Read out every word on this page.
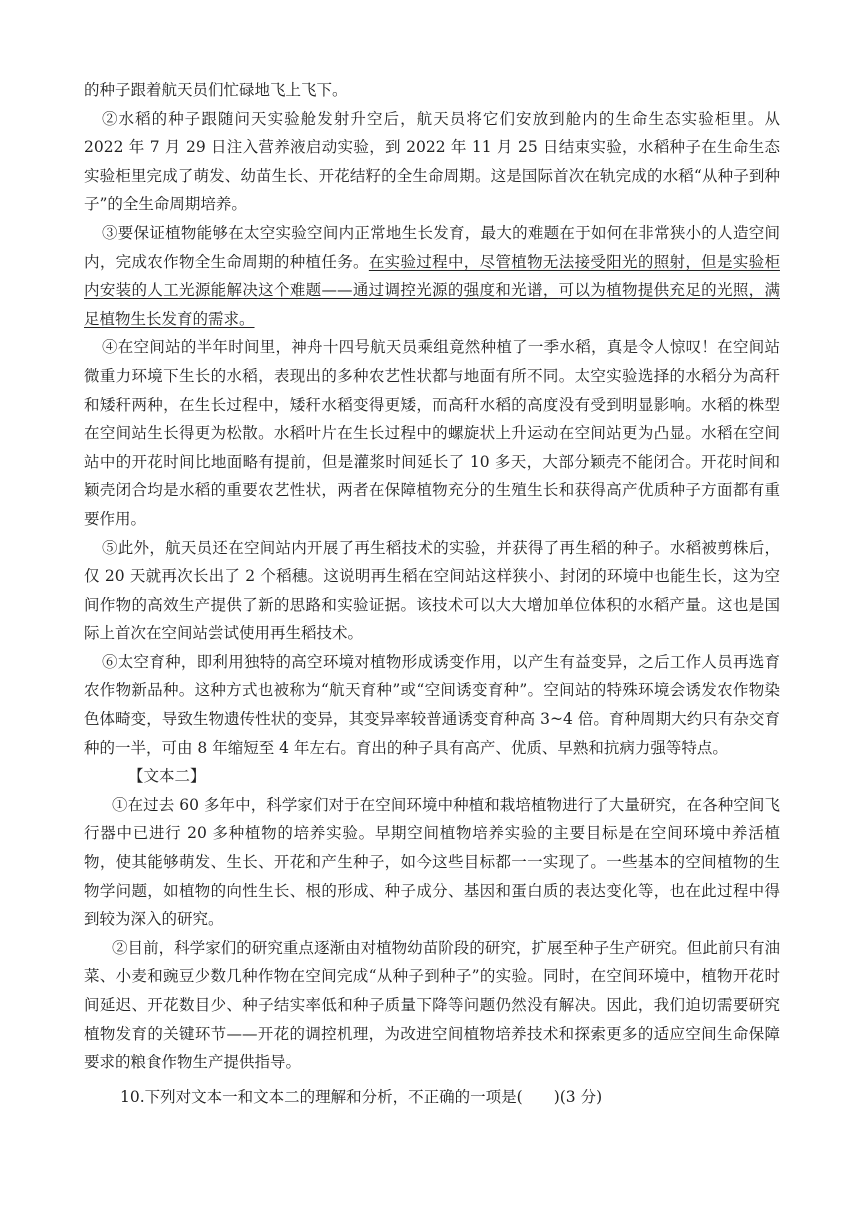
的种子跟着航天员们忙碌地飞上飞下。

②水稻的种子跟随问天实验舱发射升空后，航天员将它们安放到舱内的生命生态实验柜里。从 2022 年 7 月 29 日注入营养液启动实验，到 2022 年 11 月 25 日结束实验，水稻种子在生命生态实验柜里完成了萌发、幼苗生长、开花结籽的全生命周期。这是国际首次在轨完成的水稻“从种子到种子”的全生命周期培养。

③要保证植物能够在太空实验空间内正常地生长发育，最大的难题在于如何在非常狭小的人造空间内，完成农作物全生命周期的种植任务。在实验过程中，尽管植物无法接受阳光的照射，但是实验柜内安装的人工光源能解决这个难题——通过调控光源的强度和光谱，可以为植物提供充足的光照，满足植物生长发育的需求。

④在空间站的半年时间里，神舟十四号航天员乘组竟然种植了一季水稻，真是令人惊叹！在空间站微重力环境下生长的水稻，表现出的多种农艺性状都与地面有所不同。太空实验选择的水稻分为高秆和矮秆两种，在生长过程中，矮秆水稻变得更矮，而高秆水稻的高度没有受到明显影响。水稻的株型在空间站生长得更为松散。水稻叶片在生长过程中的螺旋状上升运动在空间站更为凸显。水稻在空间站中的开花时间比地面略有提前，但是灌浆时间延长了 10 多天，大部分颖壳不能闭合。开花时间和颖壳闭合均是水稻的重要农艺性状，两者在保障植物充分的生殖生长和获得高产优质种子方面都有重要作用。

⑤此外，航天员还在空间站内开展了再生稻技术的实验，并获得了再生稻的种子。水稻被剪株后，仅 20 天就再次长出了 2 个稻穗。这说明再生稻在空间站这样狭小、封闭的环境中也能生长，这为空间作物的高效生产提供了新的思路和实验证据。该技术可以大大增加单位体积的水稻产量。这也是国际上首次在空间站尝试使用再生稻技术。

⑥太空育种，即利用独特的高空环境对植物形成诱变作用，以产生有益变异，之后工作人员再选育农作物新品种。这种方式也被称为“航天育种”或“空间诱变育种”。空间站的特殊环境会诱发农作物染色体畸变，导致生物遗传性状的变异，其变异率较普通诱变育种高 3~4 倍。育种周期大约只有杂交育种的一半，可由 8 年缩短至 4 年左右。育出的种子具有高产、优质、早熟和抗病力强等特点。

【文本二】

①在过去 60 多年中，科学家们对于在空间环境中种植和栽培植物进行了大量研究，在各种空间飞行器中已进行 20 多种植物的培养实验。早期空间植物培养实验的主要目标是在空间环境中养活植物，使其能够萌发、生长、开花和产生种子，如今这些目标都一一实现了。一些基本的空间植物的生物学问题，如植物的向性生长、根的形成、种子成分、基因和蛋白质的表达变化等，也在此过程中得到较为深入的研究。

②目前，科学家们的研究重点逐渐由对植物幼苗阶段的研究，扩展至种子生产研究。但此前只有油菜、小麦和豌豆少数几种作物在空间完成“从种子到种子”的实验。同时，在空间环境中，植物开花时间延迟、开花数目少、种子结实率低和种子质量下降等问题仍然没有解决。因此，我们迫切需要研究植物发育的关键环节——开花的调控机理，为改进空间植物培养技术和探索更多的适应空间生命保障要求的粮食作物生产提供指导。

10.下列对文本一和文本二的理解和分析，不正确的一项是(　　)(3 分)
